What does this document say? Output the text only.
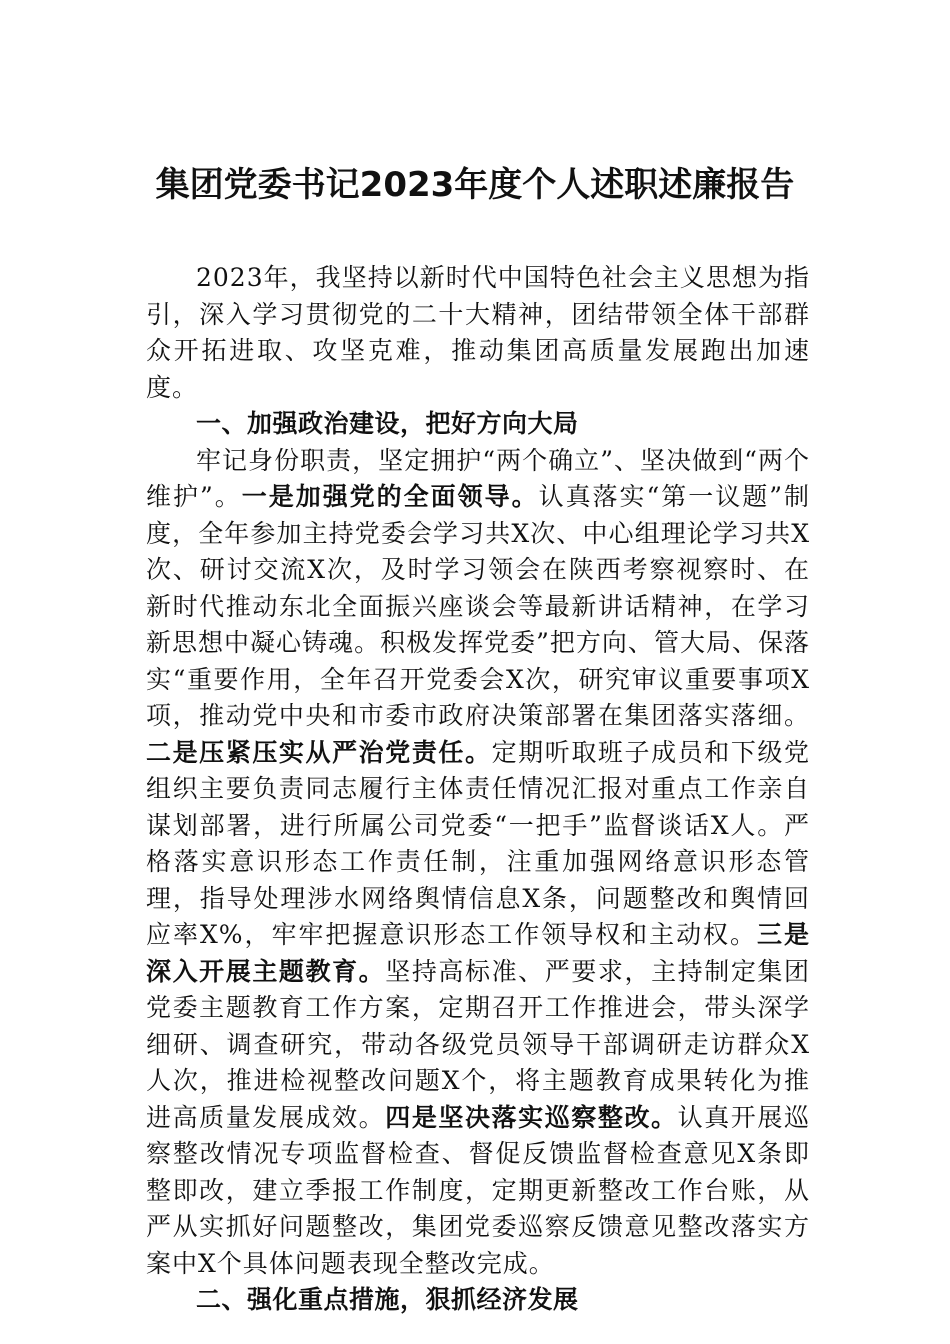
集团党委书记2023年度个人述职述廉报告

2023年，我坚持以新时代中国特色社会主义思想为指引，深入学习贯彻党的二十大精神，团结带领全体干部群众开拓进取、攻坚克难，推动集团高质量发展跑出加速度。

一、加强政治建设，把好方向大局

牢记身份职责，坚定拥护“两个确立”、坚决做到“两个维护”。一是加强党的全面领导。认真落实“第一议题”制度，全年参加主持党委会学习共X次、中心组理论学习共X次、研讨交流X次，及时学习领会在陕西考察视察时、在新时代推动东北全面振兴座谈会等最新讲话精神，在学习新思想中凝心铸魂。积极发挥党委”把方向、管大局、保落实“重要作用，全年召开党委会X次，研究审议重要事项X项，推动党中央和市委市政府决策部署在集团落实落细。二是压紧压实从严治党责任。定期听取班子成员和下级党组织主要负责同志履行主体责任情况汇报对重点工作亲自谋划部署，进行所属公司党委“一把手”监督谈话X人。严格落实意识形态工作责任制，注重加强网络意识形态管理，指导处理涉水网络舆情信息X条，问题整改和舆情回应率X%，牢牢把握意识形态工作领导权和主动权。三是深入开展主题教育。坚持高标准、严要求，主持制定集团党委主题教育工作方案，定期召开工作推进会，带头深学细研、调查研究，带动各级党员领导干部调研走访群众X人次，推进检视整改问题X个，将主题教育成果转化为推进高质量发展成效。四是坚决落实巡察整改。认真开展巡察整改情况专项监督检查、督促反馈监督检查意见X条即整即改，建立季报工作制度，定期更新整改工作台账，从严从实抓好问题整改，集团党委巡察反馈意见整改落实方案中X个具体问题表现全整改完成。

二、强化重点措施，狠抓经济发展
